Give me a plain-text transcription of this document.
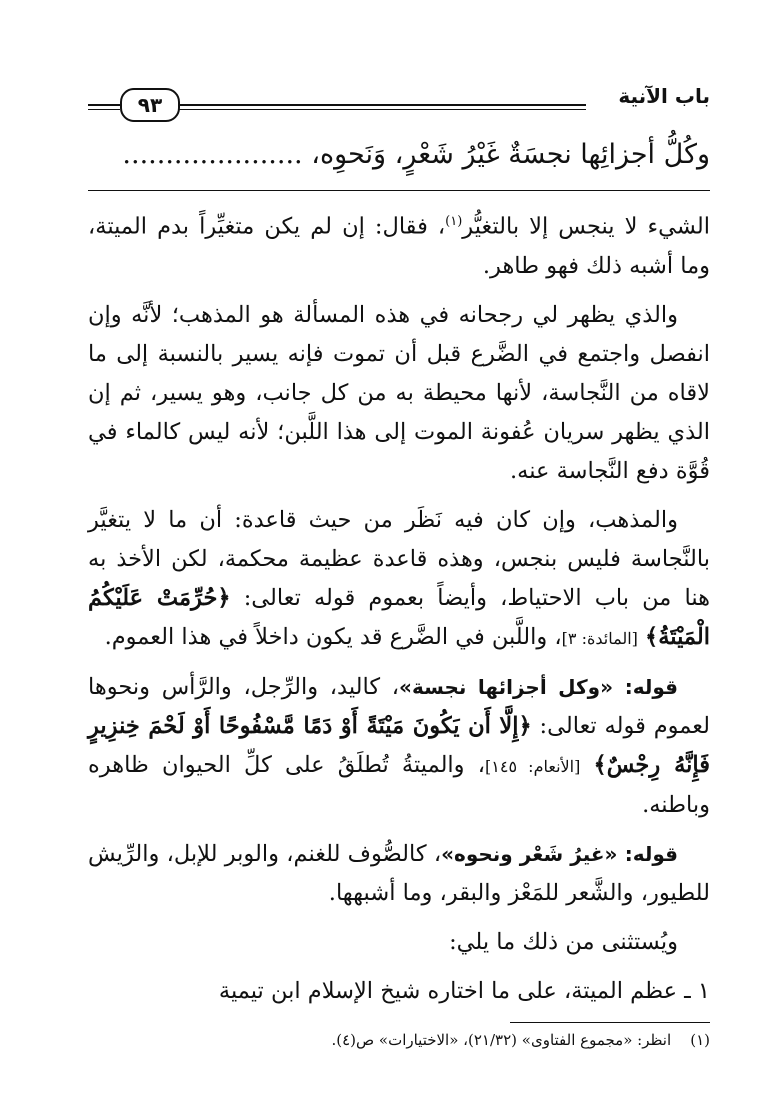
باب الآنية
٩٣
وكُلُّ أجزائِها نجسَةٌ غَيْرُ شَعْرٍ، وَنَحوِه، .....................

الشيء لا ينجس إلا بالتغيُّر$^{(١)}$، فقال: إن لم يكن متغيِّراً بدم الميتة، وما أشبه ذلك فهو طاهر.

والذي يظهر لي رجحانه في هذه المسألة هو المذهب؛ لأنَّه وإن انفصل واجتمع في الضَّرع قبل أن تموت فإنه يسير بالنسبة إلى ما لاقاه من النَّجاسة، لأنها محيطة به من كل جانب، وهو يسير، ثم إن الذي يظهر سريان عُفونة الموت إلى هذا اللَّبن؛ لأنه ليس كالماء في قُوَّة دفع النَّجاسة عنه.

والمذهب، وإن كان فيه نَظَر من حيث قاعدة: أن ما لا يتغيَّر بالنَّجاسة فليس بنجس، وهذه قاعدة عظيمة محكمة، لكن الأخذ به هنا من باب الاحتياط، وأيضاً بعموم قوله تعالى: ﴿حُرِّمَتْ عَلَيْكُمُ الْمَيْتَةُ﴾ [المائدة: ٣]، واللَّبن في الضَّرع قد يكون داخلاً في هذا العموم.

قوله: «وكل أجزائها نجسة»، كاليد، والرِّجل، والرَّأس ونحوها لعموم قوله تعالى: ﴿إِلَّا أَن يَكُونَ مَيْتَةً أَوْ دَمًا مَّسْفُوحًا أَوْ لَحْمَ خِنزِيرٍ فَإِنَّهُ رِجْسٌ﴾ [الأنعام: ١٤٥]، والميتةُ تُطلَقُ على كلِّ الحيوان ظاهره وباطنه.

قوله: «غيرُ شَعْر ونحوه»، كالصُّوف للغنم، والوبر للإبل، والرِّيش للطيور، والشَّعر للمَعْز والبقر، وما أشبهها.

ويُستثنى من ذلك ما يلي:

١ ـ عظم الميتة، على ما اختاره شيخ الإسلام ابن تيمية

(١)    انظر: «مجموع الفتاوى» (٢١/٣٢)، «الاختيارات» ص(٤).
